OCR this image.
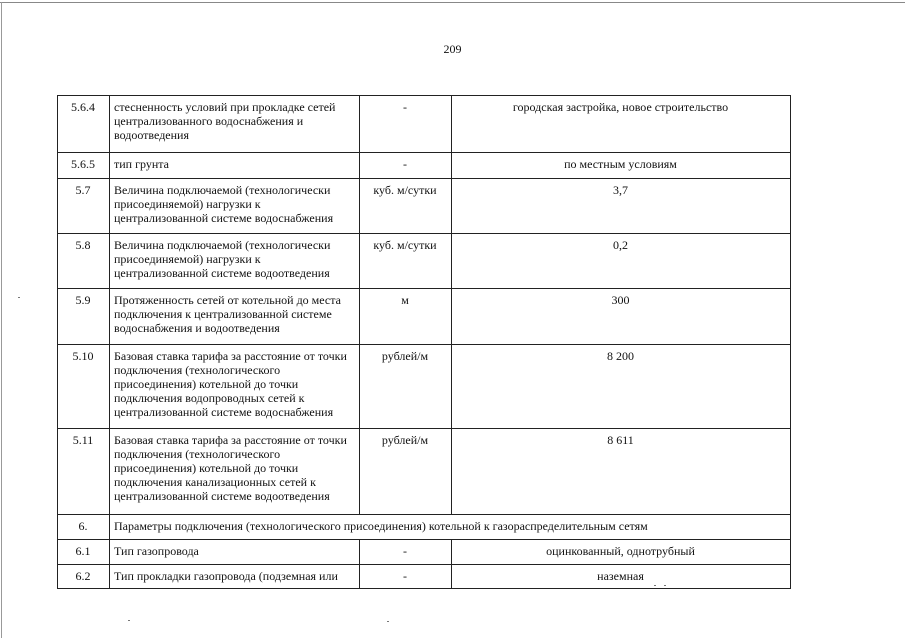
209
5.6.4	стесненность условий при прокладке сетей централизованного водоснабжения и водоотведения	-	городская застройка, новое строительство
5.6.5	тип грунта	-	по местным условиям
5.7	Величина подключаемой (технологически присоединяемой) нагрузки к централизованной системе водоснабжения	куб. м/сутки	3,7
5.8	Величина подключаемой (технологически присоединяемой) нагрузки к централизованной системе водоотведения	куб. м/сутки	0,2
5.9	Протяженность сетей от котельной до места подключения к централизованной системе водоснабжения и водоотведения	м	300
5.10	Базовая ставка тарифа за расстояние от точки подключения (технологического присоединения) котельной до точки подключения водопроводных сетей к централизованной системе водоснабжения	рублей/м	8 200
5.11	Базовая ставка тарифа за расстояние от точки подключения (технологического присоединения) котельной до точки подключения канализационных сетей к централизованной системе водоотведения	рублей/м	8 611
6.	Параметры подключения (технологического присоединения) котельной к газораспределительным сетям		
6.1	Тип газопровода	-	оцинкованный, однотрубный
6.2	Тип прокладки газопровода (подземная или	-	наземная
